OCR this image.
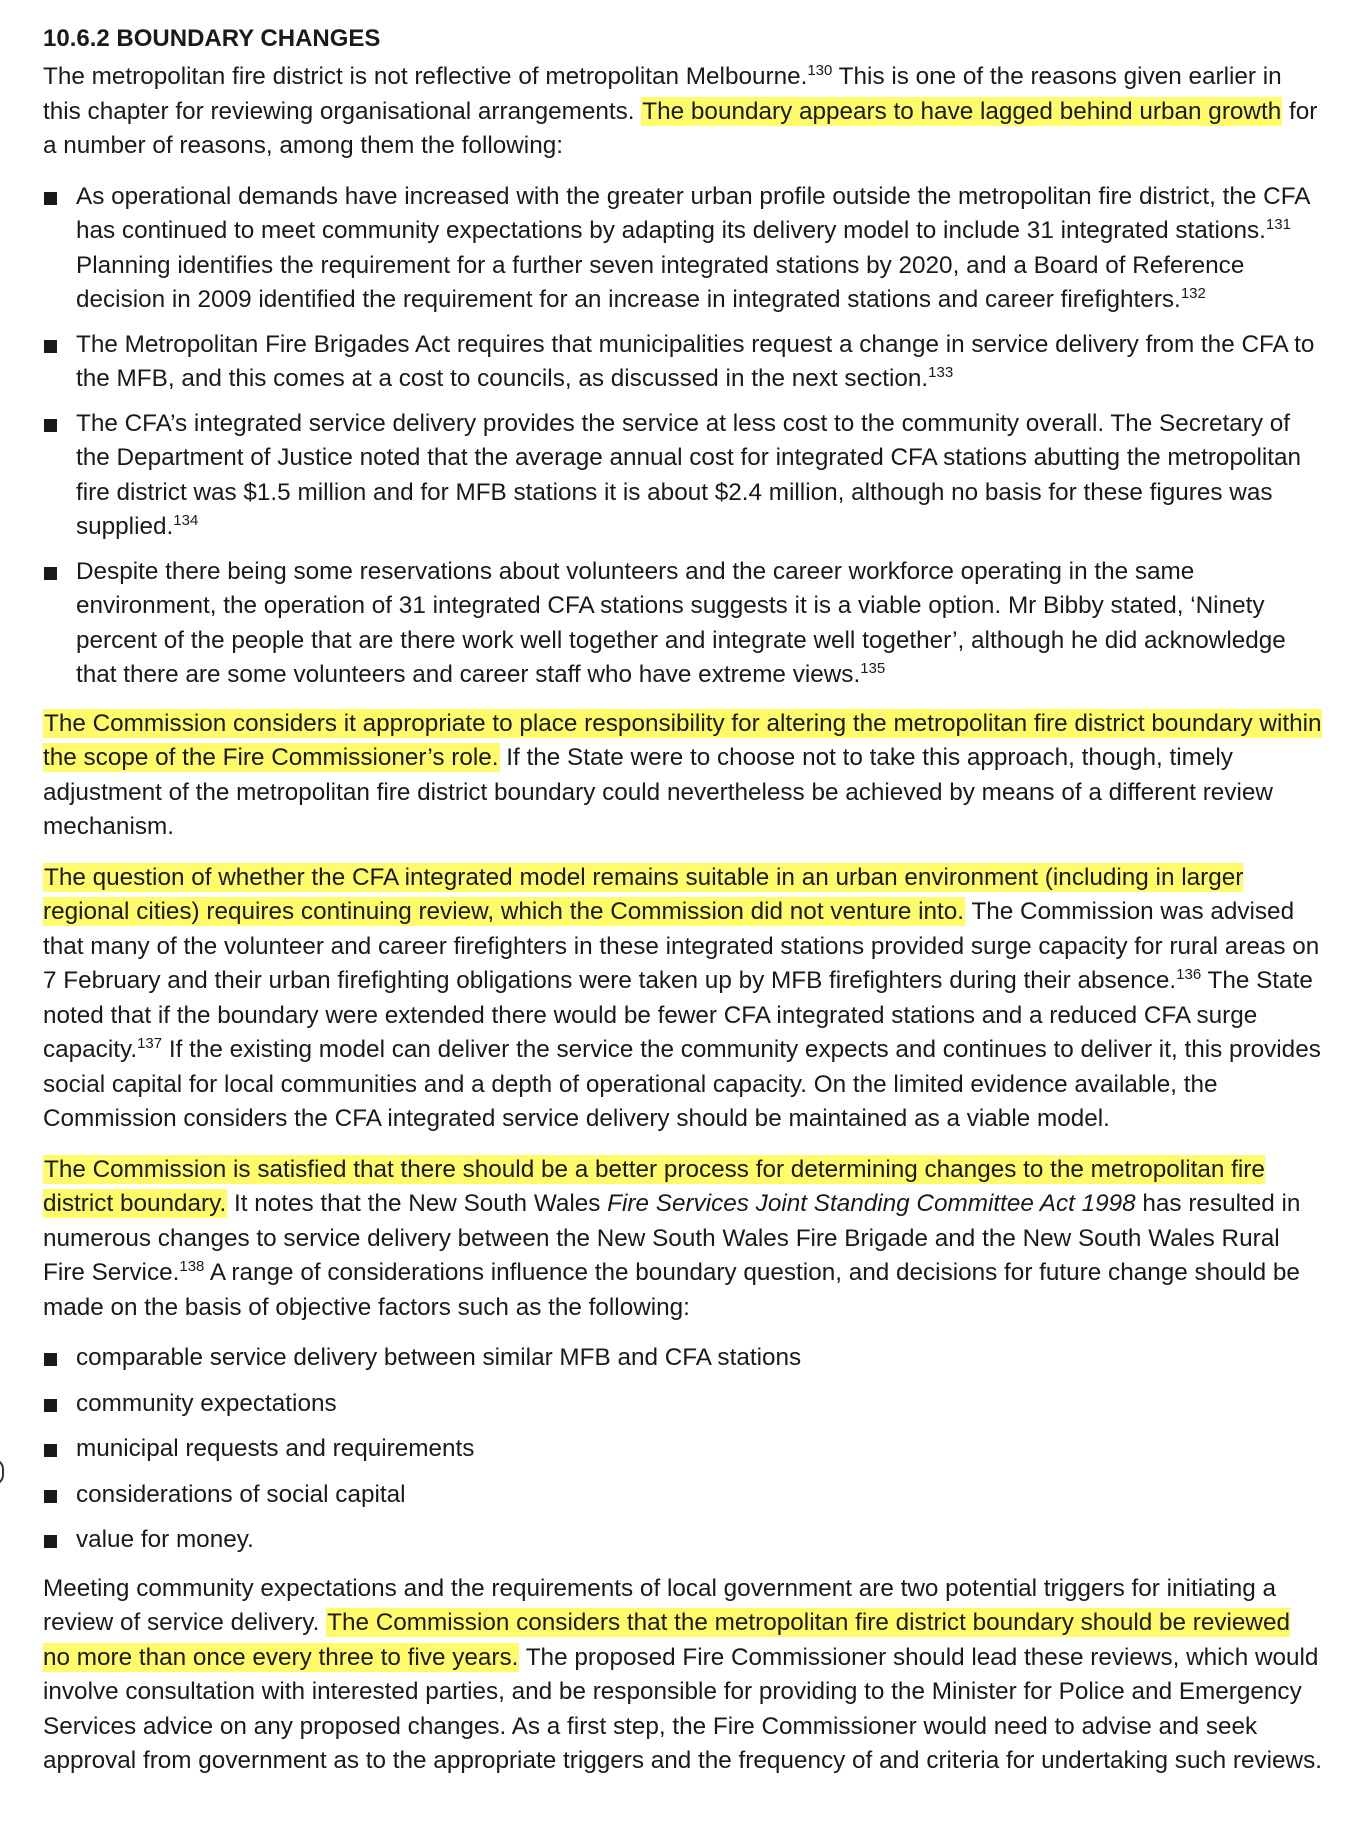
10.6.2 BOUNDARY CHANGES

The metropolitan fire district is not reflective of metropolitan Melbourne.$^{130}$ This is one of the reasons given earlier in this chapter for reviewing organisational arrangements. The boundary appears to have lagged behind urban growth for a number of reasons, among them the following:

As operational demands have increased with the greater urban profile outside the metropolitan fire district, the CFA has continued to meet community expectations by adapting its delivery model to include 31 integrated stations.$^{131}$ Planning identifies the requirement for a further seven integrated stations by 2020, and a Board of Reference decision in 2009 identified the requirement for an increase in integrated stations and career firefighters.$^{132}$
The Metropolitan Fire Brigades Act requires that municipalities request a change in service delivery from the CFA to the MFB, and this comes at a cost to councils, as discussed in the next section.$^{133}$
The CFA’s integrated service delivery provides the service at less cost to the community overall. The Secretary of the Department of Justice noted that the average annual cost for integrated CFA stations abutting the metropolitan fire district was $1.5 million and for MFB stations it is about $2.4 million, although no basis for these figures was supplied.$^{134}$
Despite there being some reservations about volunteers and the career workforce operating in the same environment, the operation of 31 integrated CFA stations suggests it is a viable option. Mr Bibby stated, ‘Ninety percent of the people that are there work well together and integrate well together’, although he did acknowledge that there are some volunteers and career staff who have extreme views.$^{135}$

The Commission considers it appropriate to place responsibility for altering the metropolitan fire district boundary within the scope of the Fire Commissioner’s role. If the State were to choose not to take this approach, though, timely adjustment of the metropolitan fire district boundary could nevertheless be achieved by means of a different review mechanism.

The question of whether the CFA integrated model remains suitable in an urban environment (including in larger regional cities) requires continuing review, which the Commission did not venture into. The Commission was advised that many of the volunteer and career firefighters in these integrated stations provided surge capacity for rural areas on 7 February and their urban firefighting obligations were taken up by MFB firefighters during their absence.$^{136}$ The State noted that if the boundary were extended there would be fewer CFA integrated stations and a reduced CFA surge capacity.$^{137}$ If the existing model can deliver the service the community expects and continues to deliver it, this provides social capital for local communities and a depth of operational capacity. On the limited evidence available, the Commission considers the CFA integrated service delivery should be maintained as a viable model.

The Commission is satisfied that there should be a better process for determining changes to the metropolitan fire district boundary. It notes that the New South Wales Fire Services Joint Standing Committee Act 1998 has resulted in numerous changes to service delivery between the New South Wales Fire Brigade and the New South Wales Rural Fire Service.$^{138}$ A range of considerations influence the boundary question, and decisions for future change should be made on the basis of objective factors such as the following:

comparable service delivery between similar MFB and CFA stations
community expectations
municipal requests and requirements
considerations of social capital
value for money.

Meeting community expectations and the requirements of local government are two potential triggers for initiating a review of service delivery. The Commission considers that the metropolitan fire district boundary should be reviewed no more than once every three to five years. The proposed Fire Commissioner should lead these reviews, which would involve consultation with interested parties, and be responsible for providing to the Minister for Police and Emergency Services advice on any proposed changes. As a first step, the Fire Commissioner would need to advise and seek approval from government as to the appropriate triggers and the frequency of and criteria for undertaking such reviews.
